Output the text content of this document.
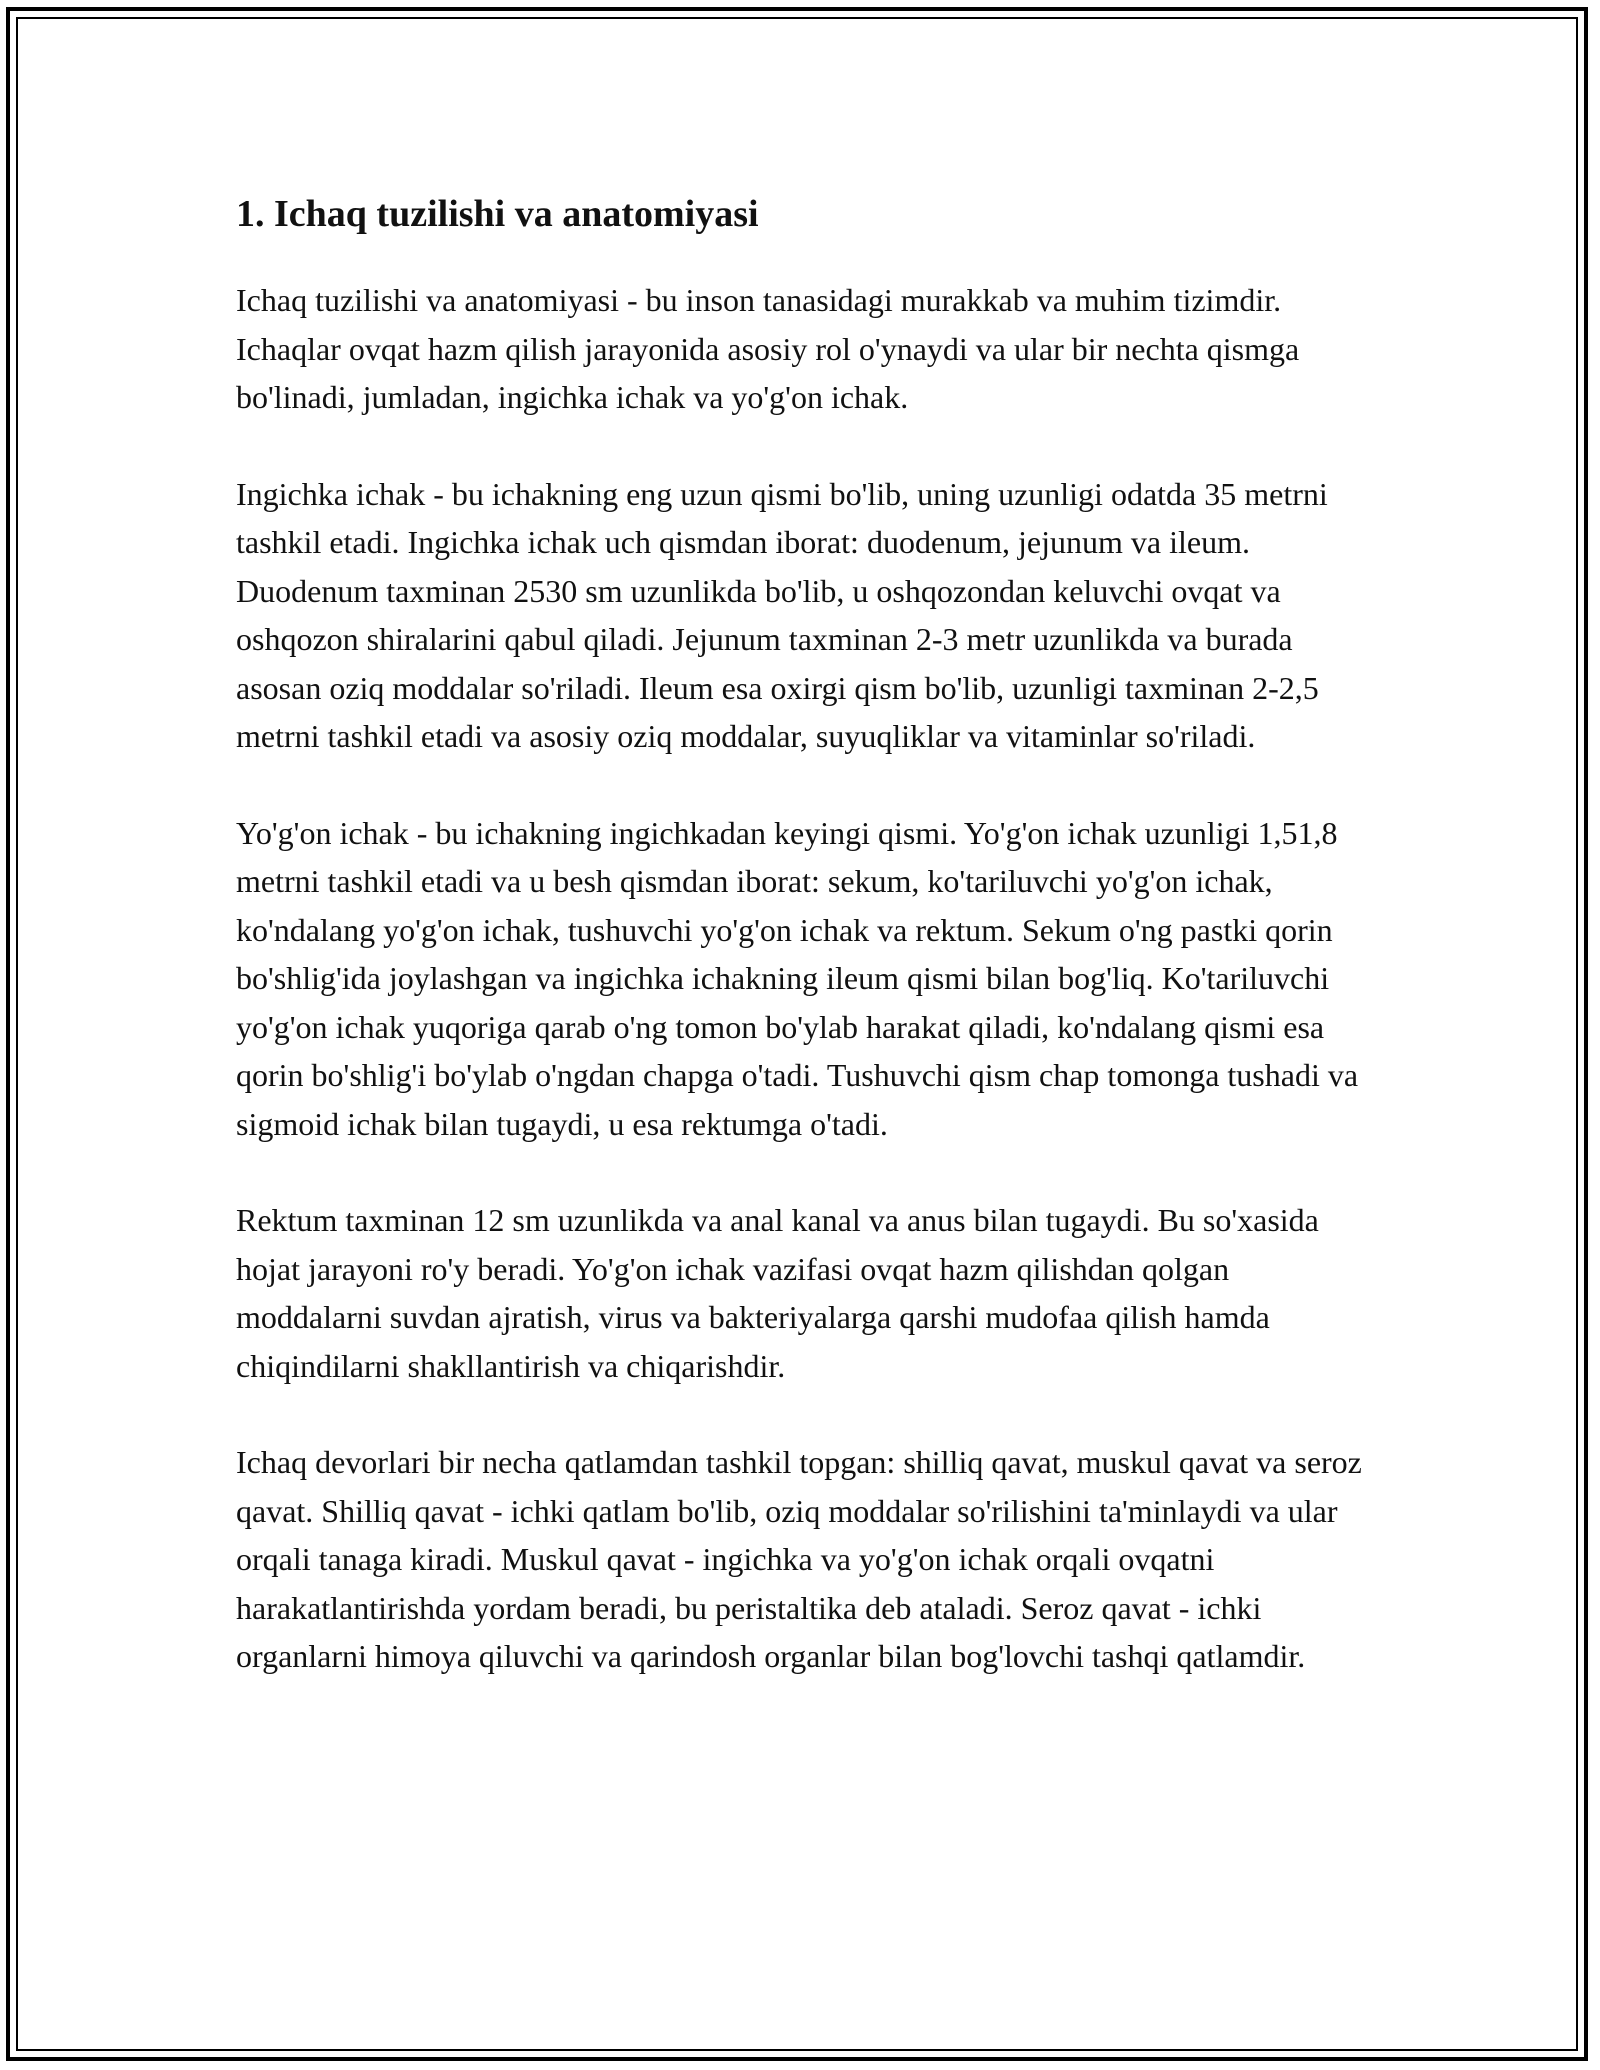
1. Ichaq tuzilishi va anatomiyasi

Ichaq tuzilishi va anatomiyasi - bu inson tanasidagi murakkab va muhim tizimdir. Ichaqlar ovqat hazm qilish jarayonida asosiy rol o'ynaydi va ular bir nechta qismga bo'linadi, jumladan, ingichka ichak va yo'g'on ichak.

Ingichka ichak - bu ichakning eng uzun qismi bo'lib, uning uzunligi odatda 35 metrni tashkil etadi. Ingichka ichak uch qismdan iborat: duodenum, jejunum va ileum. Duodenum taxminan 2530 sm uzunlikda bo'lib, u oshqozondan keluvchi ovqat va oshqozon shiralarini qabul qiladi. Jejunum taxminan 2-3 metr uzunlikda va burada asosan oziq moddalar so'riladi. Ileum esa oxirgi qism bo'lib, uzunligi taxminan 2-2,5 metrni tashkil etadi va asosiy oziq moddalar, suyuqliklar va vitaminlar so'riladi.

Yo'g'on ichak - bu ichakning ingichkadan keyingi qismi. Yo'g'on ichak uzunligi 1,51,8 metrni tashkil etadi va u besh qismdan iborat: sekum, ko'tariluvchi yo'g'on ichak, ko'ndalang yo'g'on ichak, tushuvchi yo'g'on ichak va rektum. Sekum o'ng pastki qorin bo'shlig'ida joylashgan va ingichka ichakning ileum qismi bilan bog'liq. Ko'tariluvchi yo'g'on ichak yuqoriga qarab o'ng tomon bo'ylab harakat qiladi, ko'ndalang qismi esa qorin bo'shlig'i bo'ylab o'ngdan chapga o'tadi. Tushuvchi qism chap tomonga tushadi va sigmoid ichak bilan tugaydi, u esa rektumga o'tadi.

Rektum taxminan 12 sm uzunlikda va anal kanal va anus bilan tugaydi. Bu so'xasida hojat jarayoni ro'y beradi. Yo'g'on ichak vazifasi ovqat hazm qilishdan qolgan moddalarni suvdan ajratish, virus va bakteriyalarga qarshi mudofaa qilish hamda chiqindilarni shakllantirish va chiqarishdir.

Ichaq devorlari bir necha qatlamdan tashkil topgan: shilliq qavat, muskul qavat va seroz qavat. Shilliq qavat - ichki qatlam bo'lib, oziq moddalar so'rilishini ta'minlaydi va ular orqali tanaga kiradi. Muskul qavat - ingichka va yo'g'on ichak orqali ovqatni harakatlantirishda yordam beradi, bu peristaltika deb ataladi. Seroz qavat - ichki organlarni himoya qiluvchi va qarindosh organlar bilan bog'lovchi tashqi qatlamdir.
